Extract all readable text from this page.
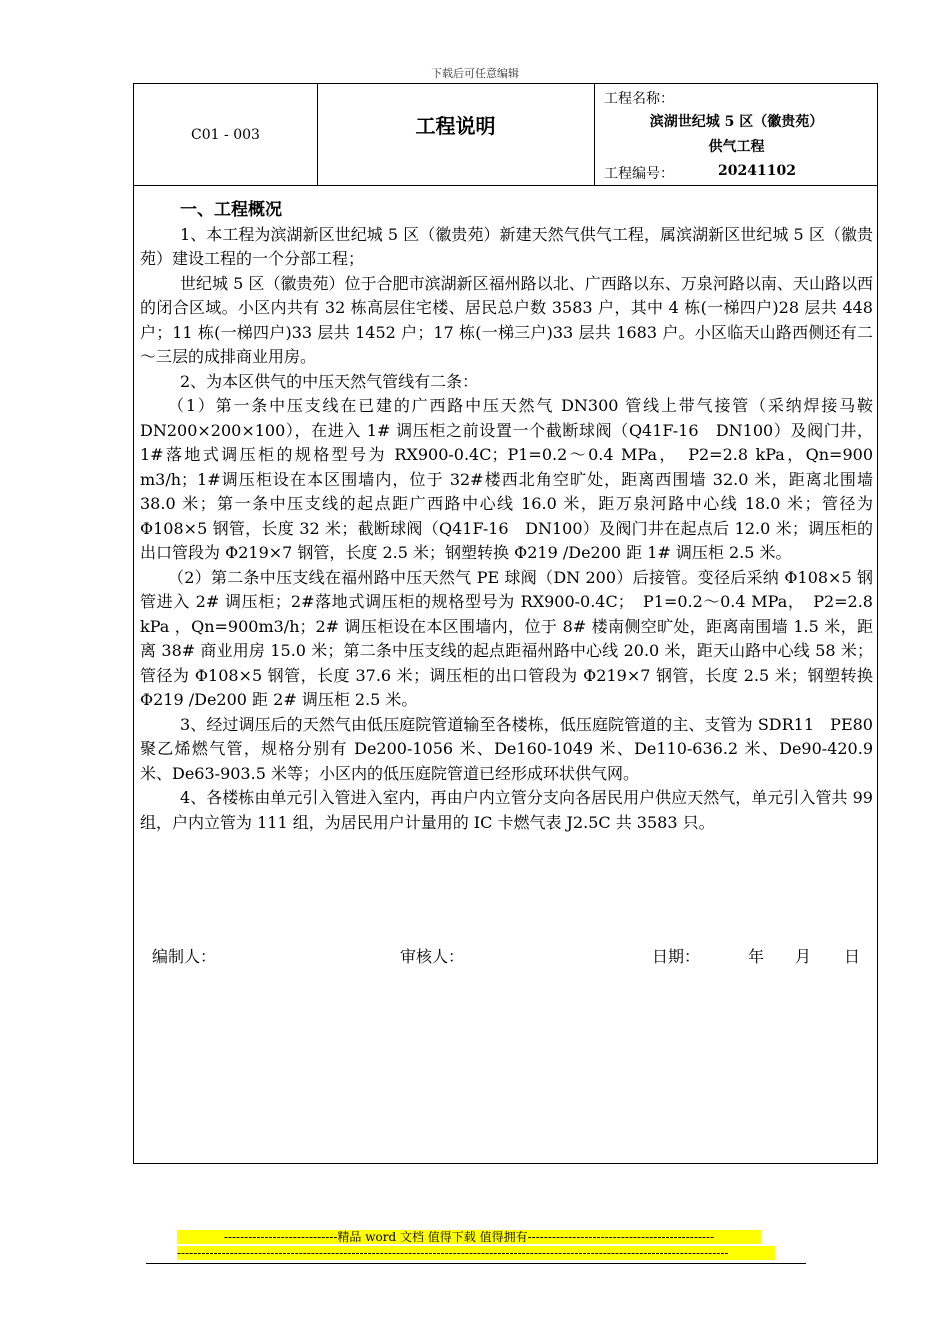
下载后可任意编辑
C01 - 003	工程说明
工程名称：
滨湖世纪城 5 区（徽贵苑）
供气工程
工程编号：	20241102

一、工程概况

1、本工程为滨湖新区世纪城 5 区（徽贵苑）新建天然气供气工程，属滨湖新区世纪城 5 区（徽贵苑）建设工程的一个分部工程；

世纪城 5 区（徽贵苑）位于合肥市滨湖新区福州路以北、广西路以东、万泉河路以南、天山路以西的闭合区域。小区内共有 32 栋高层住宅楼、居民总户数 3583 户，其中 4 栋(一梯四户)28 层共 448 户；11 栋(一梯四户)33 层共 1452 户；17 栋(一梯三户)33 层共 1683 户。小区临天山路西侧还有二～三层的成排商业用房。

2、为本区供气的中压天然气管线有二条：

（1）第一条中压支线在已建的广西路中压天然气 DN300 管线上带气接管（采纳焊接马鞍 DN200×200×100），在进入 1# 调压柜之前设置一个截断球阀（Q41F-16　DN100）及阀门井，1#落地式调压柜的规格型号为 RX900-0.4C；P1=0.2～0.4 MPa，　P2=2.8 kPa，Qn=900 m3/h；1#调压柜设在本区围墙内，位于 32#楼西北角空旷处，距离西围墙 32.0 米，距离北围墙 38.0 米；第一条中压支线的起点距广西路中心线 16.0 米，距万泉河路中心线 18.0 米；管径为 Φ108×5 钢管，长度 32 米；截断球阀（Q41F-16　DN100）及阀门井在起点后 12.0 米；调压柜的出口管段为 Φ219×7 钢管，长度 2.5 米；钢塑转换 Φ219 /De200 距 1# 调压柜 2.5 米。

（2）第二条中压支线在福州路中压天然气 PE 球阀（DN 200）后接管。变径后采纳 Φ108×5 钢管进入 2# 调压柜；2#落地式调压柜的规格型号为 RX900-0.4C；　P1=0.2～0.4 MPa，　P2=2.8 kPa ，Qn=900m3/h；2# 调压柜设在本区围墙内，位于 8# 楼南侧空旷处，距离南围墙 1.5 米，距离 38# 商业用房 15.0 米；第二条中压支线的起点距福州路中心线 20.0 米，距天山路中心线 58 米；管径为 Φ108×5 钢管，长度 37.6 米；调压柜的出口管段为 Φ219×7 钢管，长度 2.5 米；钢塑转换 Φ219 /De200 距 2# 调压柜 2.5 米。

3、经过调压后的天然气由低压庭院管道输至各楼栋，低压庭院管道的主、支管为 SDR11　PE80 聚乙烯燃气管，规格分别有 De200-1056 米、De160-1049 米、De110-636.2 米、De90-420.9 米、De63-903.5 米等；小区内的低压庭院管道已经形成环状供气网。

4、各楼栋由单元引入管进入室内，再由户内立管分支向各居民用户供应天然气，单元引入管共 99 组，户内立管为 111 组，为居民用户计量用的 IC 卡燃气表 J2.5C 共 3583 只。

编制人：	审核人：	日期：	年 月 日
----------------------------精品 word 文档 值得下载 值得拥有----------------------------------------------
----------------------------------------------------------------------------------------------------------------------------------------
